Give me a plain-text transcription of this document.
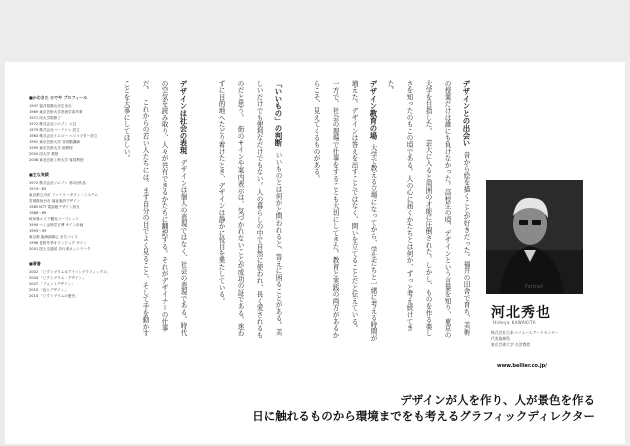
■かわきた ひでや プロフィール
1947 福井県勝山市生まれ
1969 東京芸術大学美術学部卒業
1971 同大学院修了
1972 株式会社リエゾン 入社
1979 株式会社ハーフドゥ 設立
1983 株式会社イエロー ヘリコプター設立
1991 東京芸術大学 非常勤講師
1995 東京芸術大学 助教授
2004 同大学 教授
2008 東北芸術工科大学 客員教授
■主な実績
1972 株式会社リエゾン 第1回作品
1974〜83
東京都立川市 ファミリータウン・システム
宮城県仙台市 福祉施設デザイン
1985 NTT 電話帳デザイン担当
1988〜89
岐阜県エリア観光リーフレット
1990 つくば科学万博 サイン計画
1993〜95
東京都 臨海副都心 まちづくり
1998 長野冬季オリンピック サイン
2001 国土交通省 歩行者ネットワーク
■著書
2002 「ピクトグラム＆アイコングラフィックス」
2004 「ピクトグラム・デザイン」
2007 「フォントデザイン」
2010 「色とデザイン」
2014 「ピクトグラムの歴史」
デザインとの出会い 昔から絵を描くことが好きだった。福井の田舎で育ち、美術の授業だけは誰にも負けなかった。高校生の頃、デザインという言葉を知り、東京の大学を目指した。 芸大に入ると周囲の才能に圧倒された。しかし、ものを作る楽しさを知ったのもこの頃である。人の心に届くかたちとは何か、ずっと考え続けてきた。
デザイン教育の場 大学で教える立場になってから、学生たちと一緒に考える時間が増えた。デザインは答えを出すことではなく、問いを立てることだと伝えている。 一方で、社会の現場で仕事をすることも大切にしてきた。教育と実践の両方があるからこそ、見えてくるものがある。
「いいもの」の判断 いいものとは何かと問われると、答えに困ることがある。美しいだけでも便利なだけでもない。人の暮らしの中で自然に使われ、長く愛されるものだと思う。 街のサインや案内表示は、気づかれないことが成功の証である。迷わずに目的地へたどり着けたとき、デザインは静かに役目を果たしている。
デザインは社会の表現 デザインは個人の表現ではなく、社会の表現である。時代の空気を読み取り、人々が共有できるかたちに翻訳する。それがデザイナーの仕事だ。 これからの若い人たちには、まず自分の目でよく見ること、そして手を動かすことを大事にしてほしい。
Portrait
河北秀也
Hideya KAWAKITA
株式会社日本ベリエールアートセンター
代表取締役
東京芸術大学 名誉教授
www.bellier.co.jp/
デザインが人を作り、人が景色を作る
日に触れるものから環境までをも考えるグラフィックディレクター
